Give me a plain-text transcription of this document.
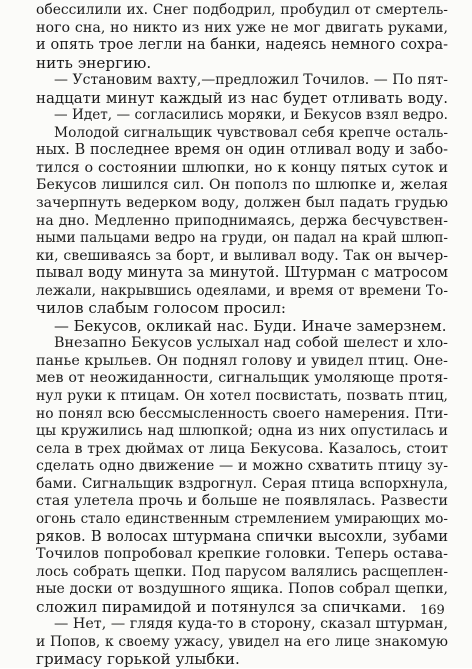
обессилили их. Снег подбодрил, пробудил от смертель-
ного сна, но никто из них уже не мог двигать руками,
и опять трое легли на банки, надеясь немного сохра-
нить энергию.
— Установим вахту,—предложил Точилов. — По пят-
надцати минут каждый из нас будет отливать воду.
— Идет, — согласились моряки, и Бекусов взял ведро.
Молодой сигнальщик чувствовал себя крепче осталь-
ных. В последнее время он один отливал воду и забо-
тился о состоянии шлюпки, но к концу пятых суток и
Бекусов лишился сил. Он пополз по шлюпке и, желая
зачерпнуть ведерком воду, должен был падать грудью
на дно. Медленно приподнимаясь, держа бесчувствен-
ными пальцами ведро на груди, он падал на край шлюп-
ки, свешиваясь за борт, и выливал воду. Так он вычер-
пывал воду минута за минутой. Штурман с матросом
лежали, накрывшись одеялами, и время от времени То-
чилов слабым голосом просил:
— Бекусов, окликай нас. Буди. Иначе замерзнем.
Внезапно Бекусов услыхал над собой шелест и хло-
панье крыльев. Он поднял голову и увидел птиц. Оне-
мев от неожиданности, сигнальщик умоляюще протя-
нул руки к птицам. Он хотел посвистать, позвать птиц,
но понял всю бессмысленность своего намерения. Пти-
цы кружились над шлюпкой; одна из них опустилась и
села в трех дюймах от лица Бекусова. Казалось, стоит
сделать одно движение — и можно схватить птицу зу-
бами. Сигнальщик вздрогнул. Серая птица вспорхнула,
стая улетела прочь и больше не появлялась. Развести
огонь стало единственным стремлением умирающих мо-
ряков. В волосах штурмана спички высохли, зубами
Точилов попробовал крепкие головки. Теперь остава-
лось собрать щепки. Под парусом валялись расщеплен-
ные доски от воздушного ящика. Попов собрал щепки,
сложил пирамидой и потянулся за спичками.
— Нет, — глядя куда-то в сторону, сказал штурман,
и Попов, к своему ужасу, увидел на его лице знакомую
гримасу горькой улыбки.
169
